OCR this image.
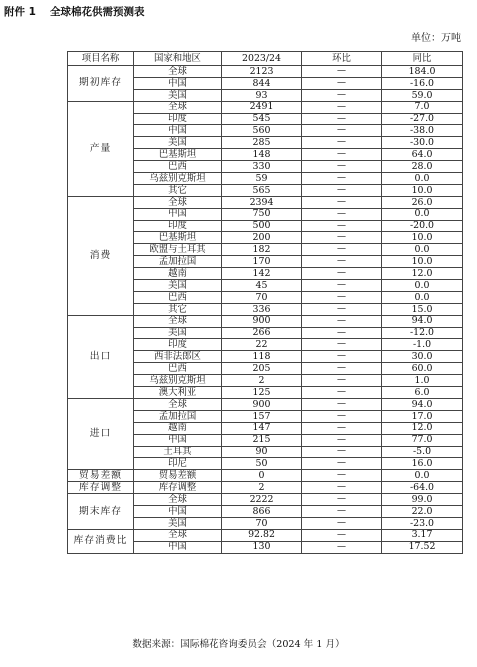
附件 1 全球棉花供需预测表
单位：万吨
项目名称	国家和地区	2023/24	环比	同比
期初库存	全球	2123	—	184.0
	中国	844	—	-16.0
	美国	93	—	59.0
产量	全球	2491	—	7.0
	印度	545	—	-27.0
	中国	560	—	-38.0
	美国	285	—	-30.0
	巴基斯坦	148	—	64.0
	巴西	330	—	28.0
	乌兹别克斯坦	59	—	0.0
	其它	565	—	10.0
消费	全球	2394	—	26.0
	中国	750	—	0.0
	印度	500	—	-20.0
	巴基斯坦	200	—	10.0
	欧盟与土耳其	182	—	0.0
	孟加拉国	170	—	10.0
	越南	142	—	12.0
	美国	45	—	0.0
	巴西	70	—	0.0
	其它	336	—	15.0
出口	全球	900	—	94.0
	美国	266	—	-12.0
	印度	22	—	-1.0
	西非法郎区	118	—	30.0
	巴西	205	—	60.0
	乌兹别克斯坦	2	—	1.0
	澳大利亚	125	—	6.0
进口	全球	900	—	94.0
	孟加拉国	157	—	17.0
	越南	147	—	12.0
	中国	215	—	77.0
	土耳其	90	—	-5.0
	印尼	50	—	16.0
贸易差额	贸易差额	0	—	0.0
库存调整	库存调整	2	—	-64.0
期末库存	全球	2222	—	99.0
	中国	866	—	22.0
	美国	70	—	-23.0
库存消费比	全球	92.82	—	3.17
	中国	130	—	17.52
数据来源：国际棉花咨询委员会（2024 年 1 月）
